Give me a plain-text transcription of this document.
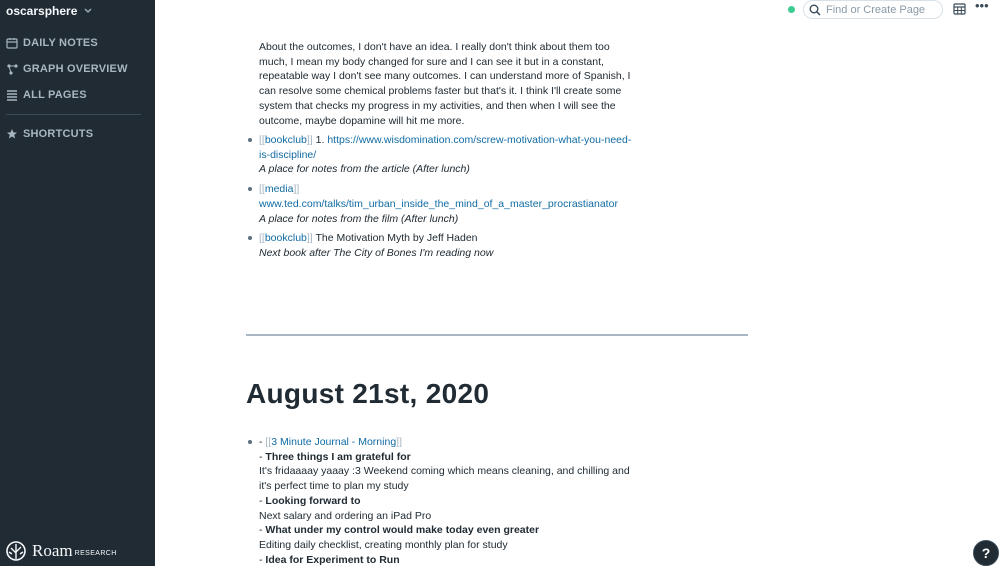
oscarsphere
DAILY NOTES
GRAPH OVERVIEW
ALL PAGES
SHORTCUTS
Roam RESEARCH
Find or Create Page
•••
About the outcomes, I don't have an idea. I really don't think about them too much, I mean my body changed for sure and I can see it but in a constant, repeatable way I don't see many outcomes. I can understand more of Spanish, I can resolve some chemical problems faster but that's it. I think I'll create some system that checks my progress in my activities, and then when I will see the outcome, maybe dopamine will hit me more.
[[bookclub]] 1. https://www.wisdomination.com/screw-motivation-what-you-need-is-discipline/
A place for notes from the article (After lunch)
[[media]]
www.ted.com/talks/tim_urban_inside_the_mind_of_a_master_procrastianator
A place for notes from the film (After lunch)
[[bookclub]] The Motivation Myth by Jeff Haden
Next book after The City of Bones I'm reading now
August 21st, 2020
- [[3 Minute Journal - Morning]]
- Three things I am grateful for
It's fridaaaay yaaay :3 Weekend coming which means cleaning, and chilling and it's perfect time to plan my study
- Looking forward to
Next salary and ordering an iPad Pro
- What under my control would make today even greater
Editing daily checklist, creating monthly plan for study
- Idea for Experiment to Run	?
